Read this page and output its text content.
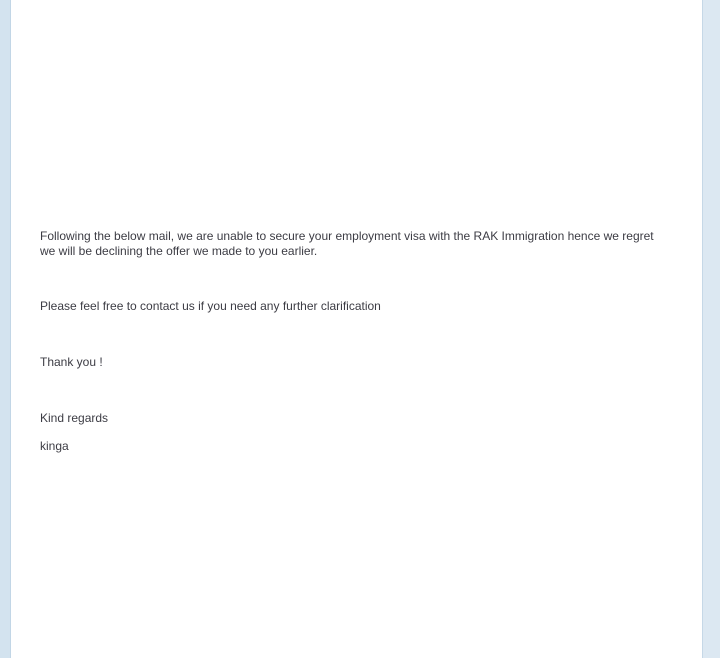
Following the below mail, we are unable to secure your employment visa with the RAK Immigration hence we regret we will be declining the offer we made to you earlier.

Please feel free to contact us if you need any further clarification

Thank you !

Kind regards

kinga
